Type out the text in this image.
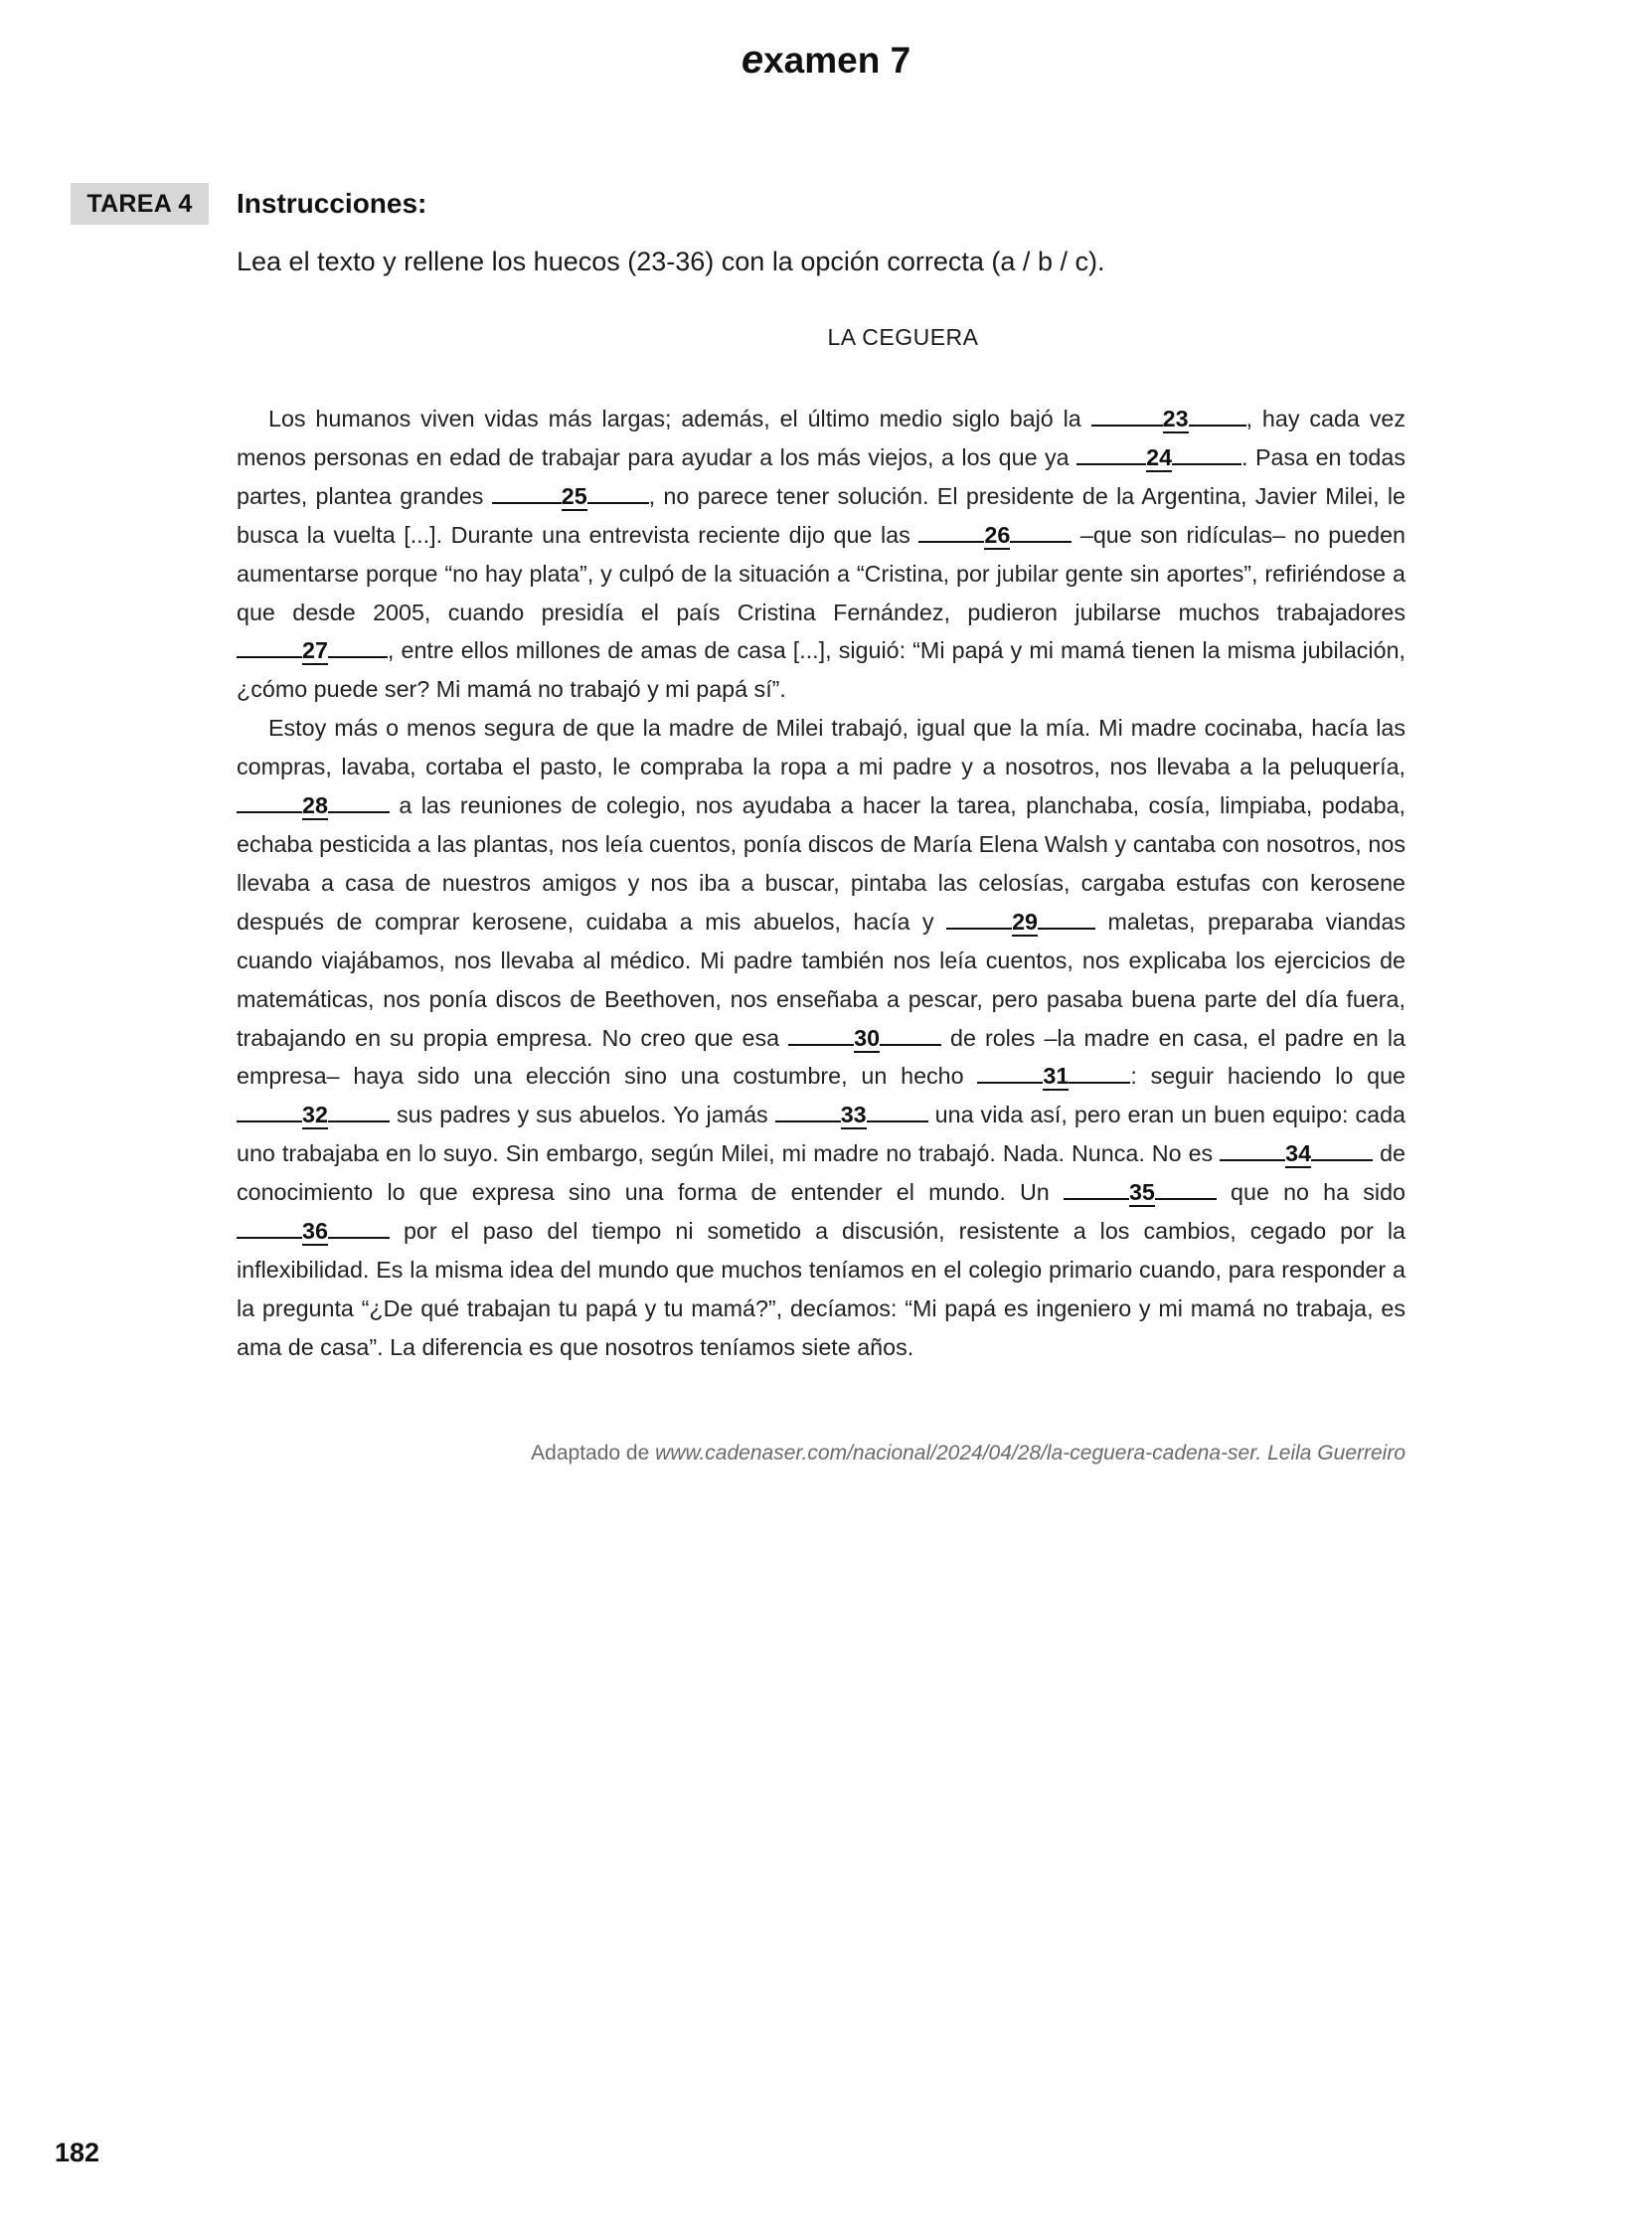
examen 7
TAREA 4	Instrucciones:
Lea el texto y rellene los huecos (23-36) con la opción correcta (a / b / c).
LA CEGUERA

Los humanos viven vidas más largas; además, el último medio siglo bajó la	23 , hay cada vez menos personas en edad de trabajar para ayudar a los más viejos, a los que ya	24	. Pasa en todas partes, plantea grandes	25	, no parece tener solución. El presidente de la Argentina, Javier Milei, le busca la vuelta [...]. Durante una entrevista reciente dijo que las	26	–que son ridículas– no pueden aumentarse porque “no hay plata”, y culpó de la situación a “Cristina, por jubilar gente sin aportes”, refiriéndose a que desde 2005, cuando presidía el país Cristina Fernández, pudieron jubilarse muchos trabajadores 27	, entre ellos millones de amas de casa [...], siguió: “Mi papá y mi mamá tienen la misma jubilación, ¿cómo puede ser? Mi mamá no trabajó y mi papá sí”.

Estoy más o menos segura de que la madre de Milei trabajó, igual que la mía. Mi madre cocinaba, hacía las compras, lavaba, cortaba el pasto, le compraba la ropa a mi padre y a nosotros, nos llevaba a la peluquería, 28	a las reuniones de colegio, nos ayudaba a hacer la tarea, planchaba, cosía, limpiaba, podaba, echaba pesticida a las plantas, nos leía cuentos, ponía discos de María Elena Walsh y cantaba con nosotros, nos llevaba a casa de nuestros amigos y nos iba a buscar, pintaba las celosías, cargaba estufas con kerosene después de comprar kerosene, cuidaba a mis abuelos, hacía y	29 maletas, preparaba viandas cuando viajábamos, nos llevaba al médico. Mi padre también nos leía cuentos, nos explicaba los ejercicios de matemáticas, nos ponía discos de Beethoven, nos enseñaba a pescar, pero pasaba buena parte del día fuera, trabajando en su propia empresa. No creo que esa	30	de roles –la madre en casa, el padre en la empresa– haya sido una elección sino una costumbre, un hecho	31	: seguir haciendo lo que 32	sus padres y sus abuelos. Yo jamás	33	una vida así, pero eran un buen equipo: cada uno trabajaba en lo suyo. Sin embargo, según Milei, mi madre no trabajó. Nada. Nunca. No es	34	de conocimiento lo que expresa sino una forma de entender el mundo. Un	35	que no ha sido 36	por el paso del tiempo ni sometido a discusión, resistente a los cambios, cegado por la inflexibilidad. Es la misma idea del mundo que muchos teníamos en el colegio primario cuando, para responder a la pregunta “¿De qué trabajan tu papá y tu mamá?”, decíamos: “Mi papá es ingeniero y mi mamá no trabaja, es ama de casa”. La diferencia es que nosotros teníamos siete años.

Adaptado de www.cadenaser.com/nacional/2024/04/28/la-ceguera-cadena-ser. Leila Guerreiro
182
